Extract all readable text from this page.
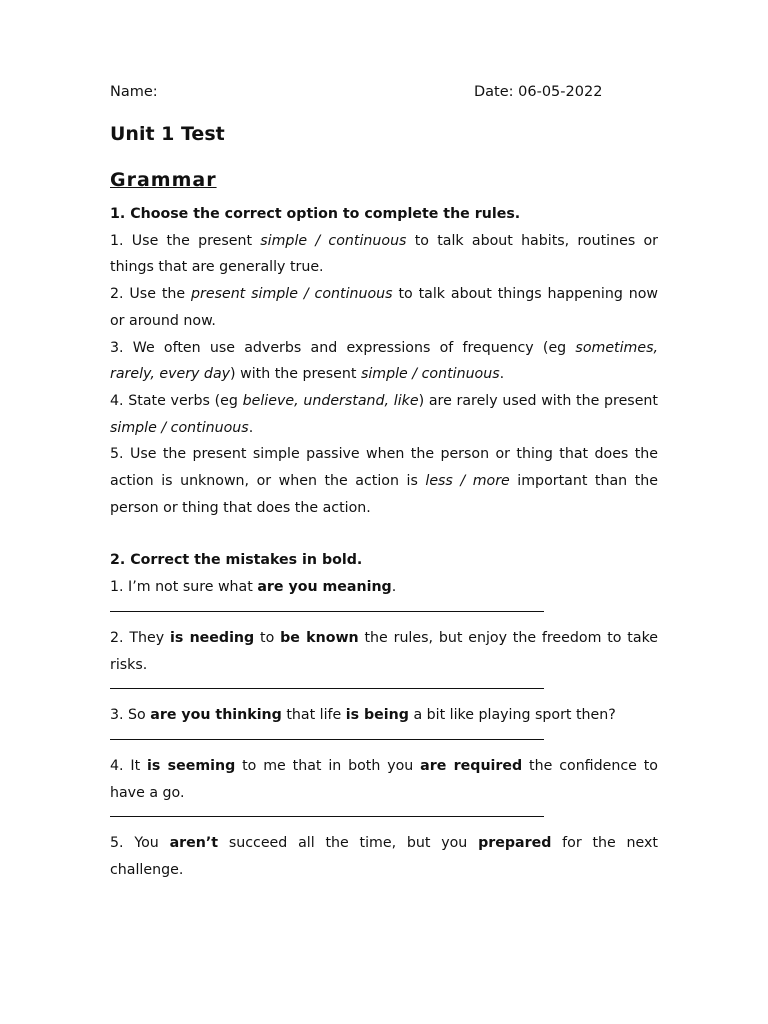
Name:	Date: 06-05-2022
Unit 1 Test
Grammar

1. Choose the correct option to complete the rules.

1. Use the present simple / continuous to talk about habits, routines or things that are generally true.

2. Use the present simple / continuous to talk about things happening now or around now.

3. We often use adverbs and expressions of frequency (eg sometimes, rarely, every day) with the present simple / continuous.

4. State verbs (eg believe, understand, like) are rarely used with the present simple / continuous.

5. Use the present simple passive when the person or thing that does the action is unknown, or when the action is less / more important than the person or thing that does the action.

2. Correct the mistakes in bold.

1. I’m not sure what are you meaning.

2. They is needing to be known the rules, but enjoy the freedom to take risks.

3. So are you thinking that life is being a bit like playing sport then?

4. It is seeming to me that in both you are required the confidence to have a go.

5. You aren’t succeed all the time, but you prepared for the next challenge.
